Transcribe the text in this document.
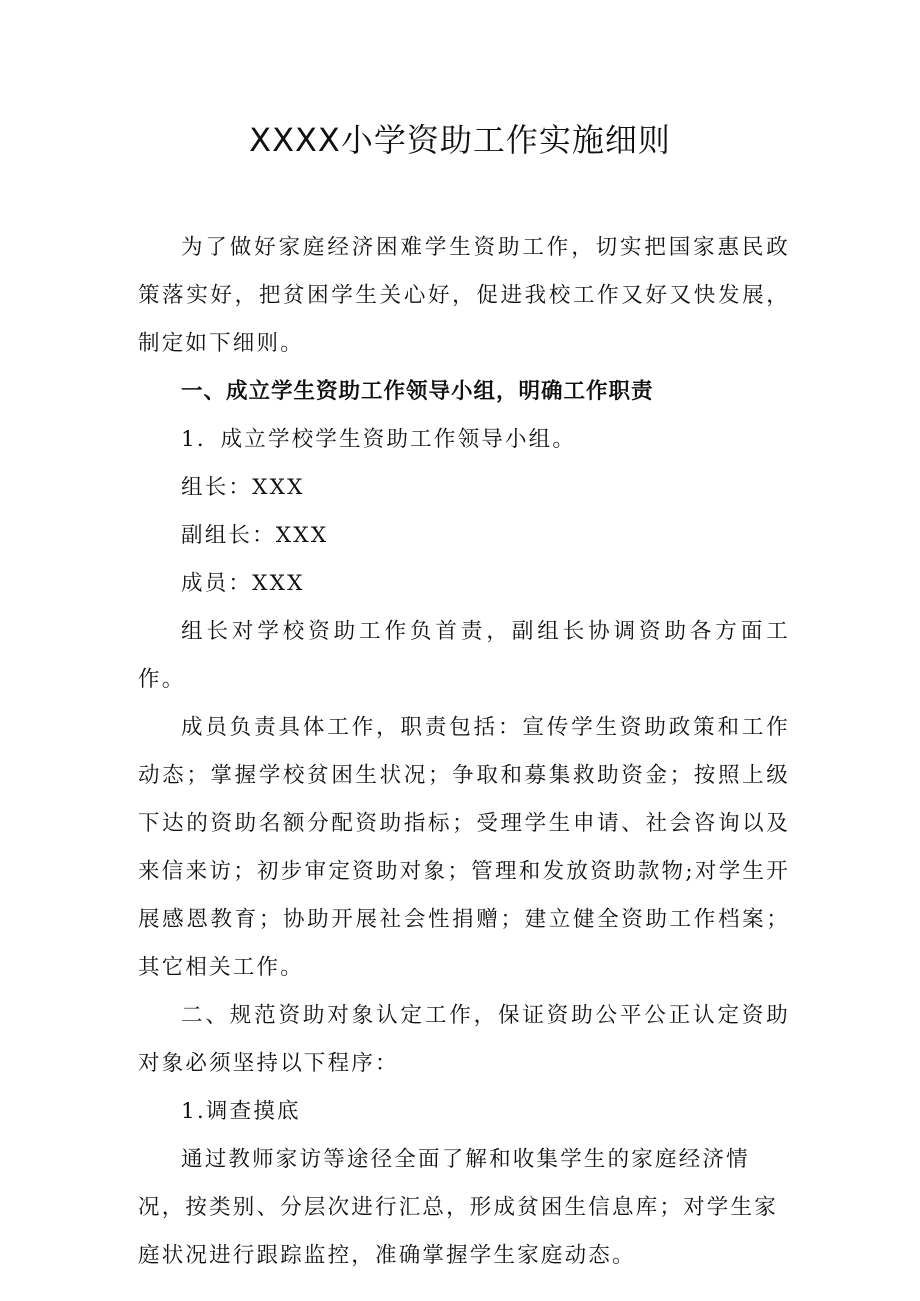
XXXX小学资助工作实施细则

为了做好家庭经济困难学生资助工作，切实把国家惠民政策落实好，把贫困学生关心好，促进我校工作又好又快发展，制定如下细则。

一、成立学生资助工作领导小组，明确工作职责

1．成立学校学生资助工作领导小组。

组长：XXX

副组长：XXX

成员：XXX

组长对学校资助工作负首责，副组长协调资助各方面工作。

成员负责具体工作，职责包括：宣传学生资助政策和工作动态；掌握学校贫困生状况；争取和募集救助资金；按照上级下达的资助名额分配资助指标；受理学生申请、社会咨询以及来信来访；初步审定资助对象；管理和发放资助款物;对学生开展感恩教育；协助开展社会性捐赠；建立健全资助工作档案；其它相关工作。

二、规范资助对象认定工作，保证资助公平公正认定资助对象必须坚持以下程序：

1.调查摸底

通过教师家访等途径全面了解和收集学生的家庭经济情况，按类别、分层次进行汇总，形成贫困生信息库；对学生家庭状况进行跟踪监控，准确掌握学生家庭动态。
